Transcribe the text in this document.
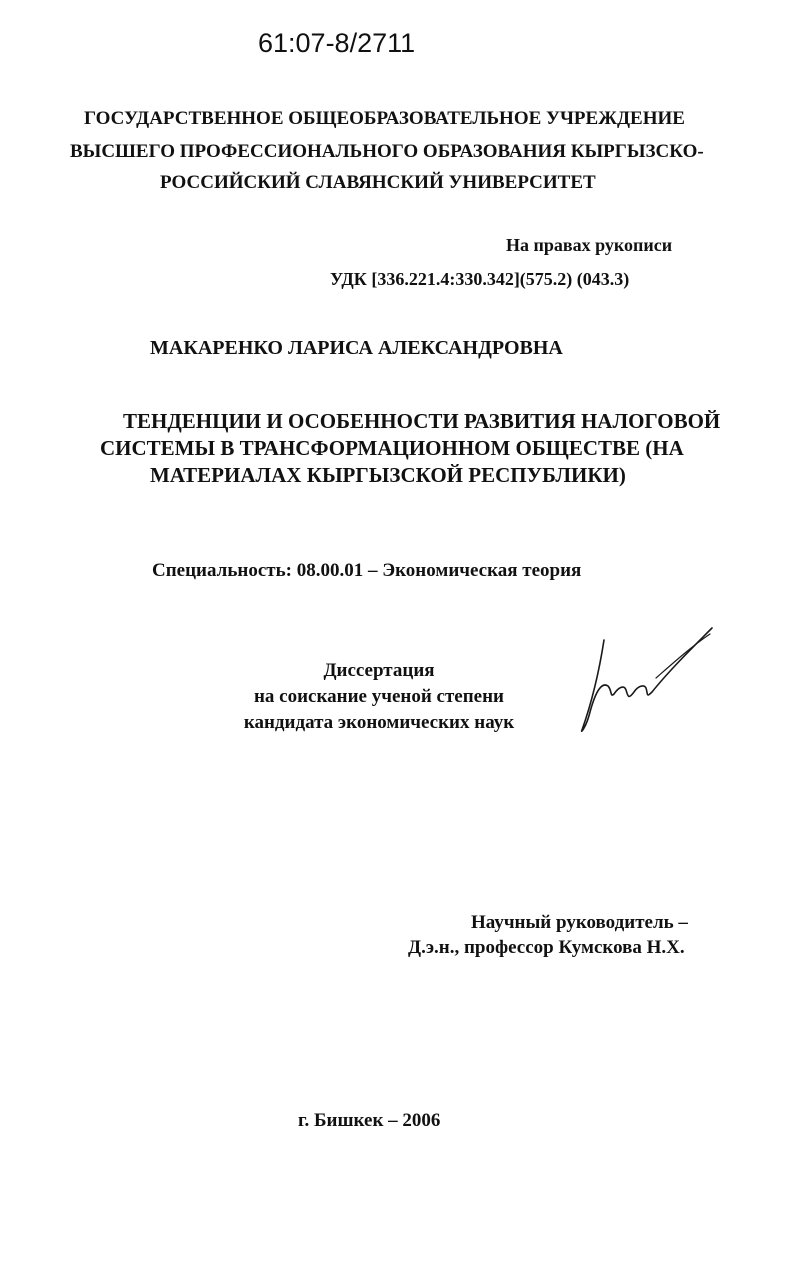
61:07-8/2711
ГОСУДАРСТВЕННОЕ ОБЩЕОБРАЗОВАТЕЛЬНОЕ УЧРЕЖДЕНИЕ
ВЫСШЕГО ПРОФЕССИОНАЛЬНОГО ОБРАЗОВАНИЯ КЫРГЫЗСКО-
РОССИЙСКИЙ СЛАВЯНСКИЙ УНИВЕРСИТЕТ
На правах рукописи
УДК [336.221.4:330.342](575.2) (043.3)
МАКАРЕНКО ЛАРИСА АЛЕКСАНДРОВНА
ТЕНДЕНЦИИ И ОСОБЕННОСТИ РАЗВИТИЯ НАЛОГОВОЙ
СИСТЕМЫ В ТРАНСФОРМАЦИОННОМ ОБЩЕСТВЕ (НА
МАТЕРИАЛАХ КЫРГЫЗСКОЙ РЕСПУБЛИКИ)
Специальность: 08.00.01 – Экономическая теория
Диссертация
на соискание ученой степени
кандидата экономических наук
Научный руководитель –
Д.э.н., профессор Кумскова Н.Х.
г. Бишкек – 2006
